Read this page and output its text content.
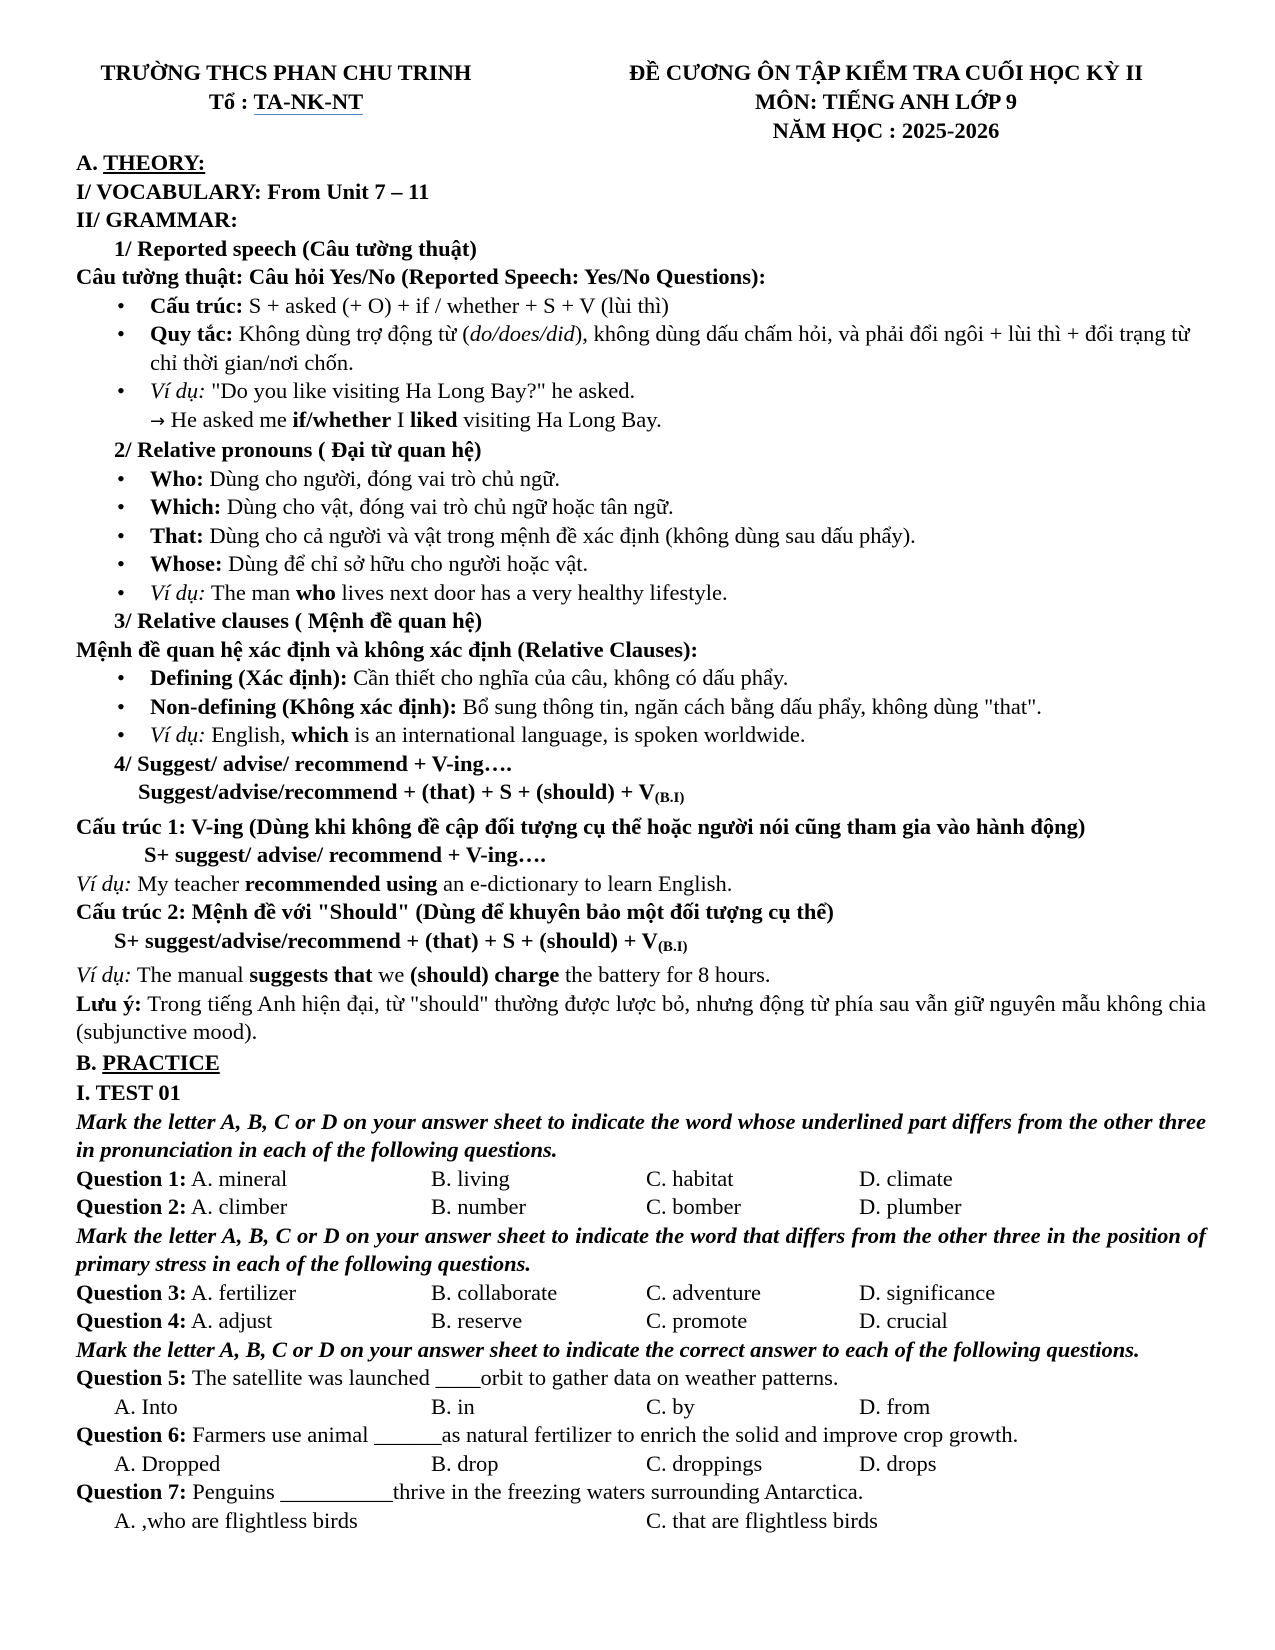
TRƯỜNG THCS PHAN CHU TRINH
Tổ : TA-NK-NT
ĐỀ CƯƠNG ÔN TẬP KIỂM TRA CUỐI HỌC KỲ II
MÔN: TIẾNG ANH LỚP 9
NĂM HỌC : 2025-2026
A. THEORY:
I/ VOCABULARY: From Unit 7 – 11
II/ GRAMMAR:
1/ Reported speech (Câu tường thuật)
Câu tường thuật: Câu hỏi Yes/No (Reported Speech: Yes/No Questions):
• Cấu trúc: S + asked (+ O) + if / whether + S + V (lùi thì)
• Quy tắc: Không dùng trợ động từ (do/does/did), không dùng dấu chấm hỏi, và phải đổi ngôi + lùi thì + đổi trạng từ chỉ thời gian/nơi chốn.
• Ví dụ: "Do you like visiting Ha Long Bay?" he asked.
→ He asked me if/whether I liked visiting Ha Long Bay.
2/ Relative pronouns ( Đại từ quan hệ)
• Who: Dùng cho người, đóng vai trò chủ ngữ.
• Which: Dùng cho vật, đóng vai trò chủ ngữ hoặc tân ngữ.
• That: Dùng cho cả người và vật trong mệnh đề xác định (không dùng sau dấu phẩy).
• Whose: Dùng để chỉ sở hữu cho người hoặc vật.
• Ví dụ: The man who lives next door has a very healthy lifestyle.
3/ Relative clauses ( Mệnh đề quan hệ)
Mệnh đề quan hệ xác định và không xác định (Relative Clauses):
• Defining (Xác định): Cần thiết cho nghĩa của câu, không có dấu phẩy.
• Non-defining (Không xác định): Bổ sung thông tin, ngăn cách bằng dấu phẩy, không dùng "that".
• Ví dụ: English, which is an international language, is spoken worldwide.
4/ Suggest/ advise/ recommend + V-ing….
Suggest/advise/recommend + (that) + S + (should) + $V_{(B.I)}$
Cấu trúc 1: V-ing (Dùng khi không đề cập đối tượng cụ thể hoặc người nói cũng tham gia vào hành động)
S+ suggest/ advise/ recommend + V-ing….
Ví dụ: My teacher recommended using an e-dictionary to learn English.
Cấu trúc 2: Mệnh đề với "Should" (Dùng để khuyên bảo một đối tượng cụ thể)
S+ suggest/advise/recommend + (that) + S + (should) + $V_{(B.I)}$
Ví dụ: The manual suggests that we (should) charge the battery for 8 hours.
Lưu ý: Trong tiếng Anh hiện đại, từ "should" thường được lược bỏ, nhưng động từ phía sau vẫn giữ nguyên mẫu không chia (subjunctive mood).
B. PRACTICE
I. TEST 01
Mark the letter A, B, C or D on your answer sheet to indicate the word whose underlined part differs from the other three in pronunciation in each of the following questions.
Question 1: A. mineral	B. living	C. habitat	D. climate
Question 2: A. climber	B. number	C. bomber	D. plumber
Mark the letter A, B, C or D on your answer sheet to indicate the word that differs from the other three in the position of primary stress in each of the following questions.
Question 3: A. fertilizer	B. collaborate	C. adventure	D. significance
Question 4: A. adjust	B. reserve	C. promote	D. crucial
Mark the letter A, B, C or D on your answer sheet to indicate the correct answer to each of the following questions.
Question 5: The satellite was launched ____orbit to gather data on weather patterns.
A. Into	B. in	C. by	D. from
Question 6: Farmers use animal ______as natural fertilizer to enrich the solid and improve crop growth.
A. Dropped	B. drop	C. droppings	D. drops
Question 7: Penguins __________thrive in the freezing waters surrounding Antarctica.
A. ,who are flightless birds	C. that are flightless birds
